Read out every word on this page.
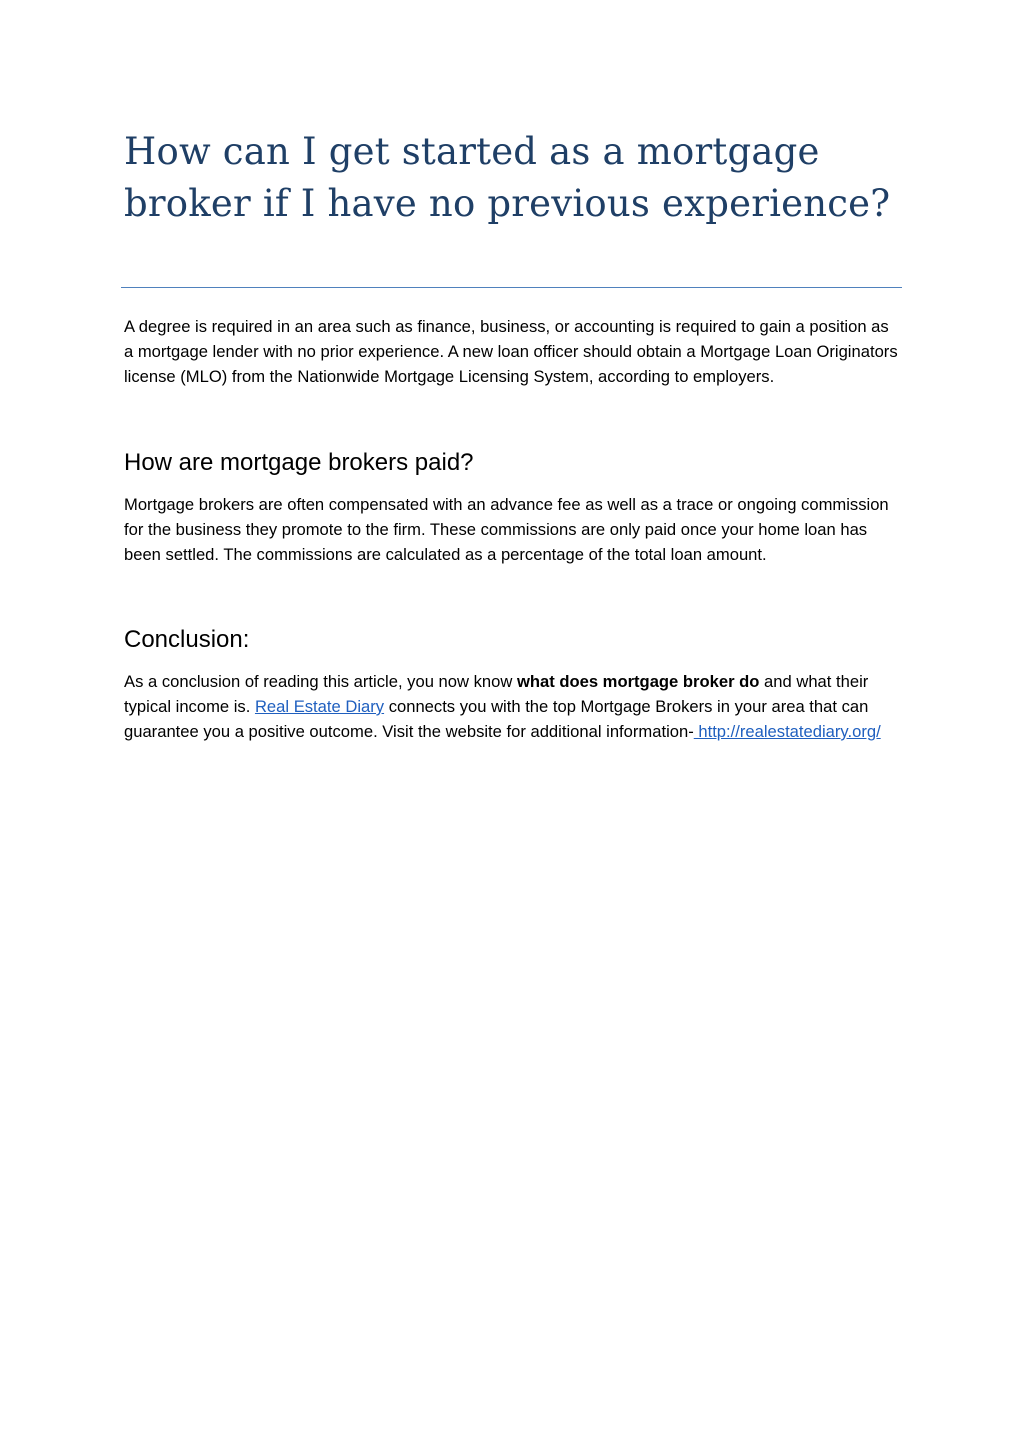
How can I get started as a mortgage broker if I have no previous experience?

A degree is required in an area such as finance, business, or accounting is required to gain a position as a mortgage lender with no prior experience. A new loan officer should obtain a Mortgage Loan Originators license (MLO) from the Nationwide Mortgage Licensing System, according to employers.

How are mortgage brokers paid?

Mortgage brokers are often compensated with an advance fee as well as a trace or ongoing commission for the business they promote to the firm. These commissions are only paid once your home loan has been settled. The commissions are calculated as a percentage of the total loan amount.

Conclusion:

As a conclusion of reading this article, you now know what does mortgage broker do and what their typical income is. Real Estate Diary connects you with the top Mortgage Brokers in your area that can guarantee you a positive outcome. Visit the website for additional information- http://realestatediary.org/
